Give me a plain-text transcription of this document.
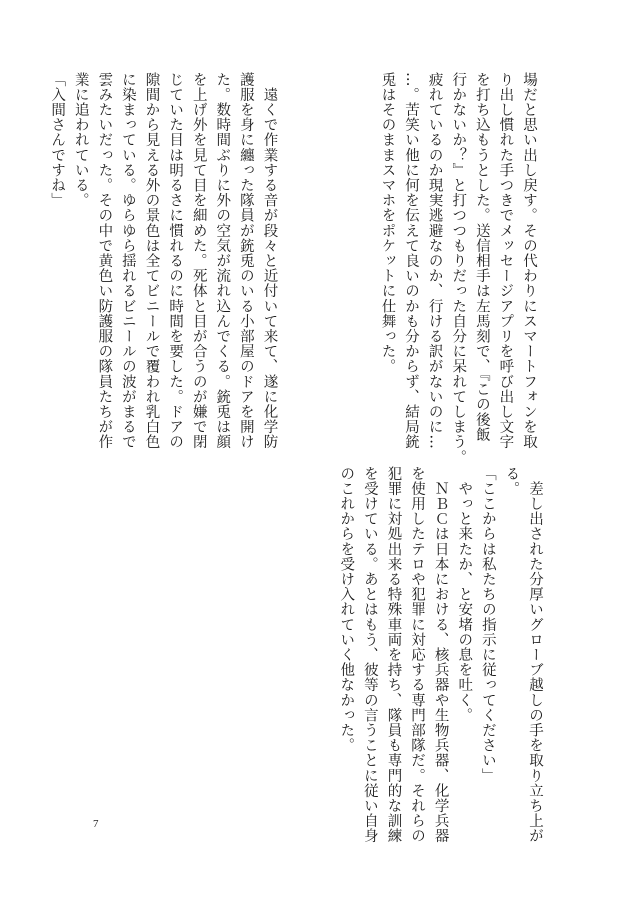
場だと思い出し戻す。その代わりにスマートフォンを取
り出し慣れた手つきでメッセージアプリを呼び出し文字
を打ち込もうとした。送信相手は左馬刻で、『この後飯
行かないか？』と打つつもりだった自分に呆れてしまう。
疲れているのか現実逃避なのか、行ける訳がないのに…
…。苦笑い他に何を伝えて良いのかも分からず、結局銃
兎はそのままスマホをポケットに仕舞った。

　遠くで作業する音が段々と近付いて来て、遂に化学防
護服を身に纏った隊員が銃兎のいる小部屋のドアを開け
た。数時間ぶりに外の空気が流れ込んでくる。銃兎は顔
を上げ外を見て目を細めた。死体と目が合うのが嫌で閉
じていた目は明るさに慣れるのに時間を要した。ドアの
隙間から見える外の景色は全てビニールで覆われ乳白色
に染まっている。ゆらゆら揺れるビニールの波がまるで
雲みたいだった。その中で黄色い防護服の隊員たちが作
業に追われている。
「入間さんですね」
　差し出された分厚いグローブ越しの手を取り立ち上が
る。
「ここからは私たちの指示に従ってください」
　やっと来たか、と安堵の息を吐く。
　ＮＢＣは日本における、核兵器や生物兵器、化学兵器
を使用したテロや犯罪に対応する専門部隊だ。それらの
犯罪に対処出来る特殊車両を持ち、隊員も専門的な訓練
を受けている。あとはもう、彼等の言うことに従い自身
のこれからを受け入れていく他なかった。
7
